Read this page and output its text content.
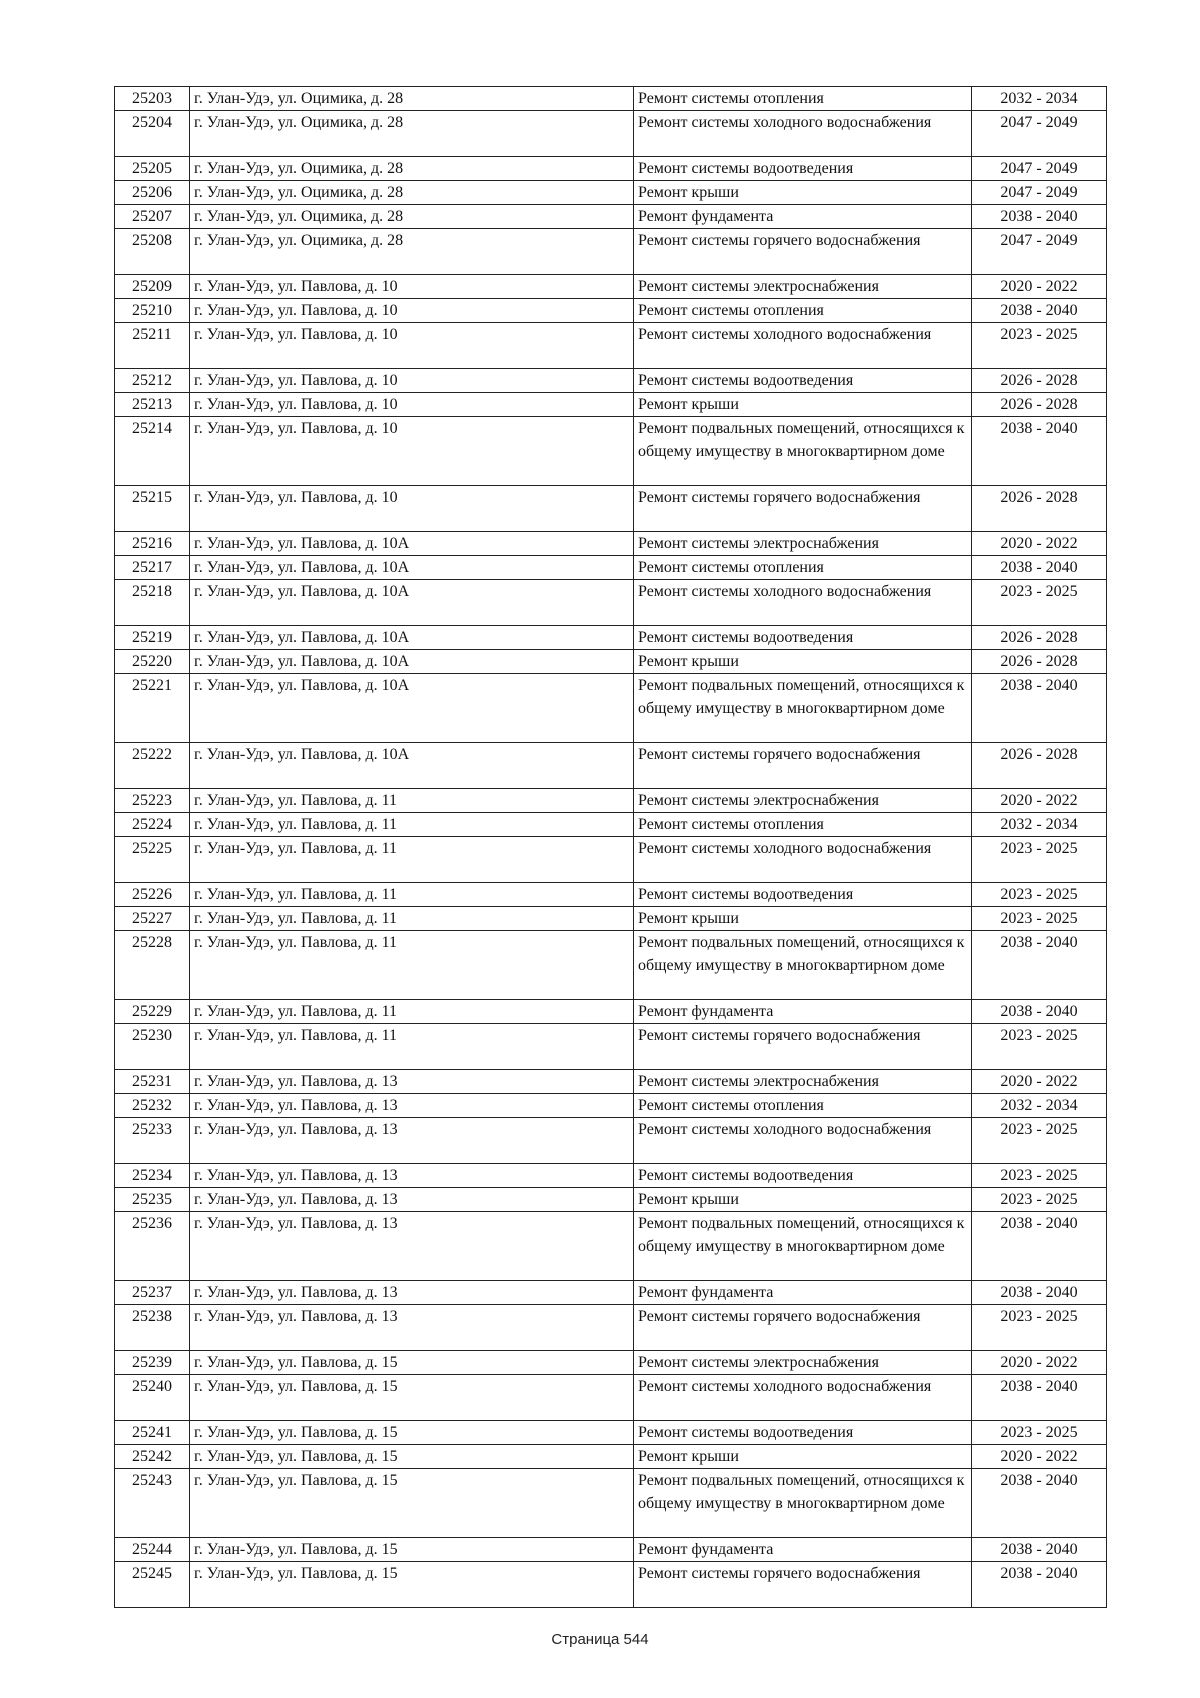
25203	г. Улан-Удэ, ул. Оцимика, д. 28	Ремонт системы отопления	2032 - 2034
25204	г. Улан-Удэ, ул. Оцимика, д. 28	Ремонт системы холодного водоснабжения	2047 - 2049
25205	г. Улан-Удэ, ул. Оцимика, д. 28	Ремонт системы водоотведения	2047 - 2049
25206	г. Улан-Удэ, ул. Оцимика, д. 28	Ремонт крыши	2047 - 2049
25207	г. Улан-Удэ, ул. Оцимика, д. 28	Ремонт фундамента	2038 - 2040
25208	г. Улан-Удэ, ул. Оцимика, д. 28	Ремонт системы горячего водоснабжения	2047 - 2049
25209	г. Улан-Удэ, ул. Павлова, д. 10	Ремонт системы электроснабжения	2020 - 2022
25210	г. Улан-Удэ, ул. Павлова, д. 10	Ремонт системы отопления	2038 - 2040
25211	г. Улан-Удэ, ул. Павлова, д. 10	Ремонт системы холодного водоснабжения	2023 - 2025
25212	г. Улан-Удэ, ул. Павлова, д. 10	Ремонт системы водоотведения	2026 - 2028
25213	г. Улан-Удэ, ул. Павлова, д. 10	Ремонт крыши	2026 - 2028
25214	г. Улан-Удэ, ул. Павлова, д. 10	Ремонт подвальных помещений, относящихся к общему имуществу в многоквартирном доме	2038 - 2040
25215	г. Улан-Удэ, ул. Павлова, д. 10	Ремонт системы горячего водоснабжения	2026 - 2028
25216	г. Улан-Удэ, ул. Павлова, д. 10А	Ремонт системы электроснабжения	2020 - 2022
25217	г. Улан-Удэ, ул. Павлова, д. 10А	Ремонт системы отопления	2038 - 2040
25218	г. Улан-Удэ, ул. Павлова, д. 10А	Ремонт системы холодного водоснабжения	2023 - 2025
25219	г. Улан-Удэ, ул. Павлова, д. 10А	Ремонт системы водоотведения	2026 - 2028
25220	г. Улан-Удэ, ул. Павлова, д. 10А	Ремонт крыши	2026 - 2028
25221	г. Улан-Удэ, ул. Павлова, д. 10А	Ремонт подвальных помещений, относящихся к общему имуществу в многоквартирном доме	2038 - 2040
25222	г. Улан-Удэ, ул. Павлова, д. 10А	Ремонт системы горячего водоснабжения	2026 - 2028
25223	г. Улан-Удэ, ул. Павлова, д. 11	Ремонт системы электроснабжения	2020 - 2022
25224	г. Улан-Удэ, ул. Павлова, д. 11	Ремонт системы отопления	2032 - 2034
25225	г. Улан-Удэ, ул. Павлова, д. 11	Ремонт системы холодного водоснабжения	2023 - 2025
25226	г. Улан-Удэ, ул. Павлова, д. 11	Ремонт системы водоотведения	2023 - 2025
25227	г. Улан-Удэ, ул. Павлова, д. 11	Ремонт крыши	2023 - 2025
25228	г. Улан-Удэ, ул. Павлова, д. 11	Ремонт подвальных помещений, относящихся к общему имуществу в многоквартирном доме	2038 - 2040
25229	г. Улан-Удэ, ул. Павлова, д. 11	Ремонт фундамента	2038 - 2040
25230	г. Улан-Удэ, ул. Павлова, д. 11	Ремонт системы горячего водоснабжения	2023 - 2025
25231	г. Улан-Удэ, ул. Павлова, д. 13	Ремонт системы электроснабжения	2020 - 2022
25232	г. Улан-Удэ, ул. Павлова, д. 13	Ремонт системы отопления	2032 - 2034
25233	г. Улан-Удэ, ул. Павлова, д. 13	Ремонт системы холодного водоснабжения	2023 - 2025
25234	г. Улан-Удэ, ул. Павлова, д. 13	Ремонт системы водоотведения	2023 - 2025
25235	г. Улан-Удэ, ул. Павлова, д. 13	Ремонт крыши	2023 - 2025
25236	г. Улан-Удэ, ул. Павлова, д. 13	Ремонт подвальных помещений, относящихся к общему имуществу в многоквартирном доме	2038 - 2040
25237	г. Улан-Удэ, ул. Павлова, д. 13	Ремонт фундамента	2038 - 2040
25238	г. Улан-Удэ, ул. Павлова, д. 13	Ремонт системы горячего водоснабжения	2023 - 2025
25239	г. Улан-Удэ, ул. Павлова, д. 15	Ремонт системы электроснабжения	2020 - 2022
25240	г. Улан-Удэ, ул. Павлова, д. 15	Ремонт системы холодного водоснабжения	2038 - 2040
25241	г. Улан-Удэ, ул. Павлова, д. 15	Ремонт системы водоотведения	2023 - 2025
25242	г. Улан-Удэ, ул. Павлова, д. 15	Ремонт крыши	2020 - 2022
25243	г. Улан-Удэ, ул. Павлова, д. 15	Ремонт подвальных помещений, относящихся к общему имуществу в многоквартирном доме	2038 - 2040
25244	г. Улан-Удэ, ул. Павлова, д. 15	Ремонт фундамента	2038 - 2040
25245	г. Улан-Удэ, ул. Павлова, д. 15	Ремонт системы горячего водоснабжения	2038 - 2040
Страница 544
